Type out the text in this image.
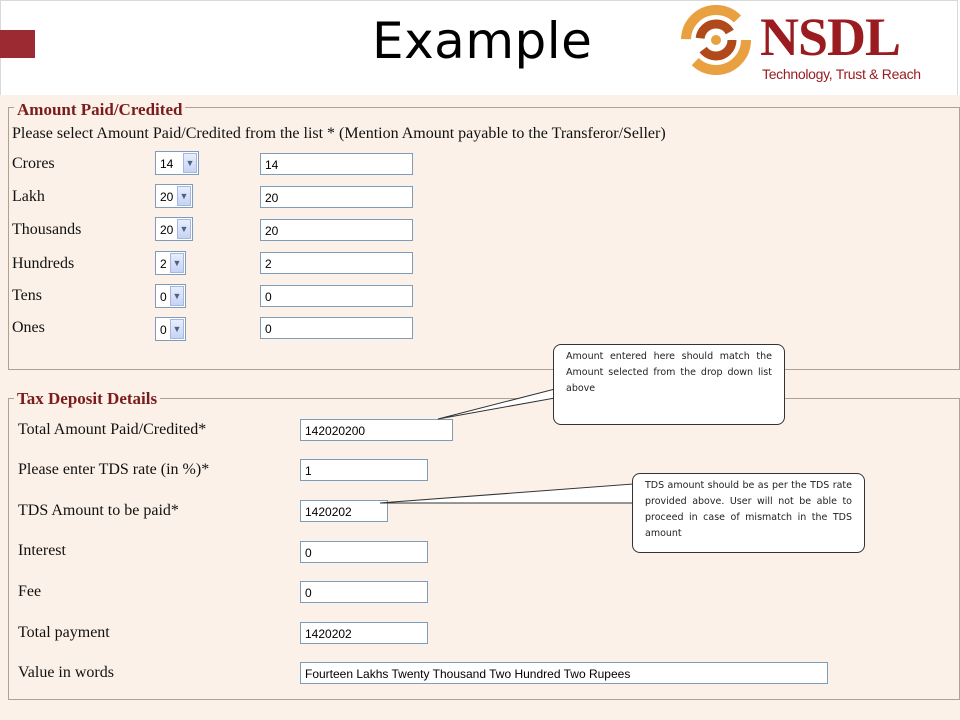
Example	NSDL
Technology, Trust & Reach
Amount Paid/Credited
Please select Amount Paid/Credited from the list * (Mention Amount payable to the Transferor/Seller)
Crores	14 ▼	14
Lakh	20 ▼	20
Thousands	20 ▼	20
Hundreds	2 ▼	2
Tens	0 ▼	0
Ones	0 ▼	0
Tax Deposit Details
Total Amount Paid/Credited*	142020200
Please enter TDS rate (in %)*	1
TDS Amount to be paid*	1420202
Interest	0
Fee	0
Total payment	1420202
Value in words	Fourteen Lakhs Twenty Thousand Two Hundred Two Rupees
Amount entered here should match the Amount selected from the drop down list above
TDS amount should be as per the TDS rate provided above. User will not be able to proceed in case of mismatch in the TDS amount
